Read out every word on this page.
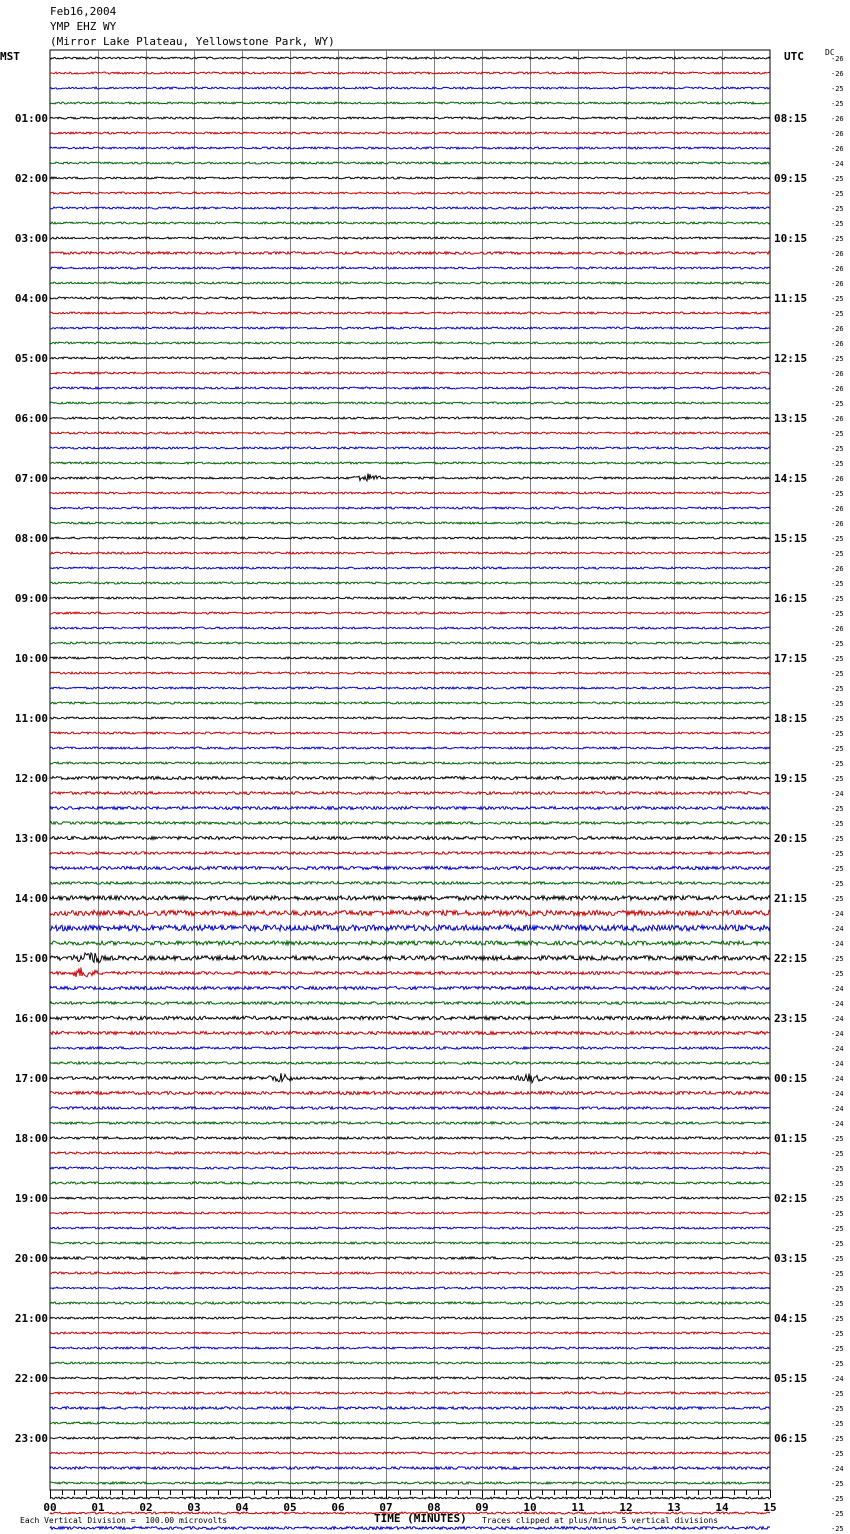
Feb16,2004
YMP EHZ WY
(Mirror Lake Plateau, Yellowstone Park, WY)
MST	UTC	DC
-26
-26
-25
-25
-26
-26
-26
-24
-25
-25
-25
-25
-25
-26
-26
-26
-25
-25
-26
-26
-25
-26
-26
-25
-26
-25
-25
-25
-26
-25
-26
-26
-25
-25
-26
-25
-25
-25
-26
-25
-25
-25
-25
-25
-25
-25
-25
-25
-25
-24
-25
-25
-25
-25
-25
-25
-25
-24
-24
-24
-25
-25
-24
-24
-24
-24
-24
-24
-24
-24
-24
-24
-25
-25
-25
-25
-25
-25
-25
-25
-25
-25
-25
-25
-25
-25
-25
-25
-24
-25
-25
-25
-25
-25
-24
-25
-25
-25
-25
01:00	08:15
02:00	09:15
03:00	10:15
04:00	11:15
05:00	12:15
06:00	13:15
07:00	14:15
08:00	15:15
09:00	16:15
10:00	17:15
11:00	18:15
12:00	19:15
13:00	20:15
14:00	21:15
15:00	22:15
16:00	23:15
17:00	00:15
18:00	01:15
19:00	02:15
20:00	03:15
21:00	04:15
22:00	05:15
23:00	06:15
00	01	02	03	04	05	06	07	08	09	10	11	12	13	14	15
TIME (MINUTES)
Each Vertical Division =  100.00 microvolts	Traces clipped at plus/minus 5 vertical divisions
